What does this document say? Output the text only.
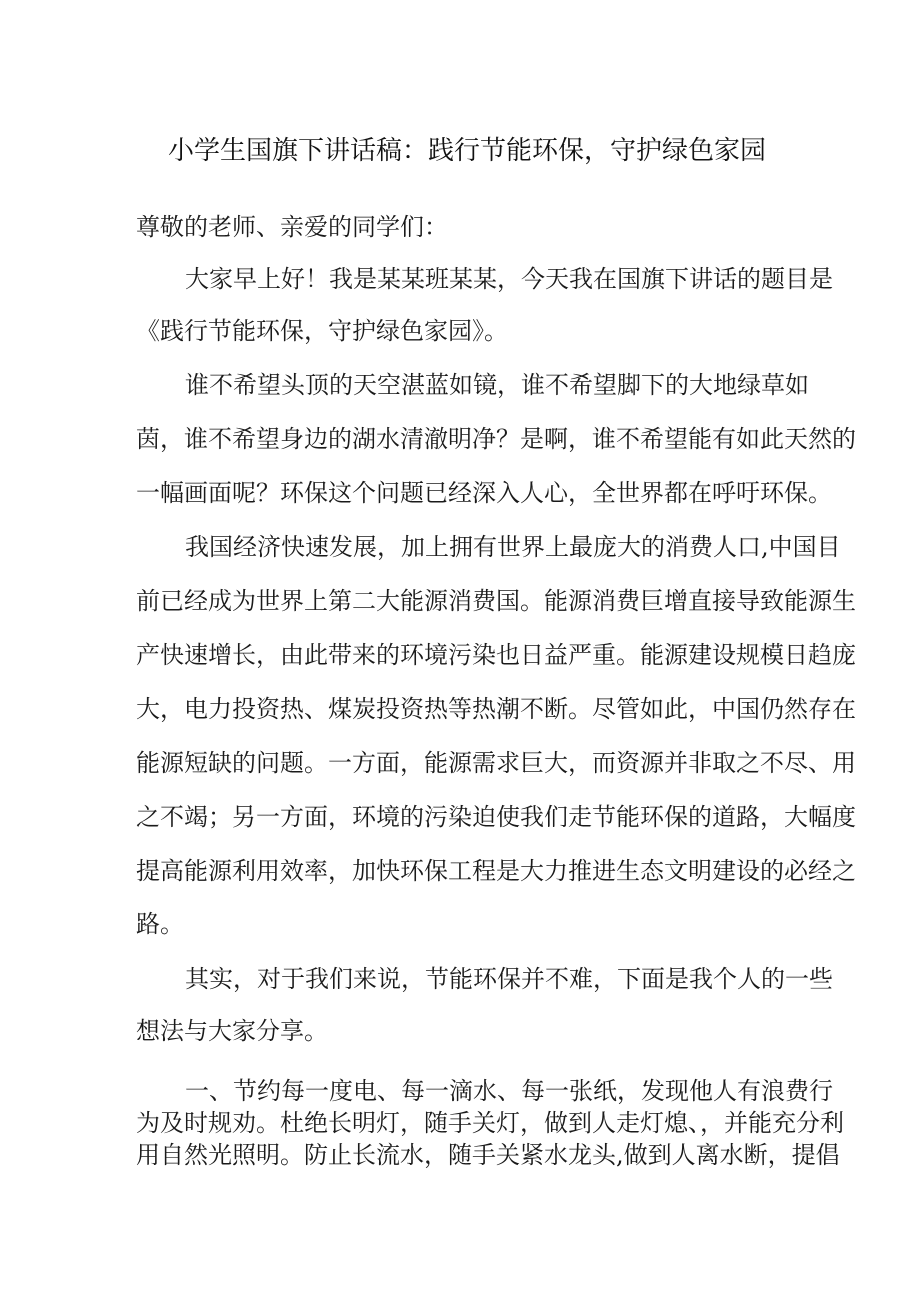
小学生国旗下讲话稿：践行节能环保，守护绿色家园
尊敬的老师、亲爱的同学们：
大家早上好！我是某某班某某，今天我在国旗下讲话的题目是
《践行节能环保，守护绿色家园》。
谁不希望头顶的天空湛蓝如镜，谁不希望脚下的大地绿草如
茵，谁不希望身边的湖水清澈明净？是啊，谁不希望能有如此天然的
一幅画面呢？环保这个问题已经深入人心，全世界都在呼吁环保。
我国经济快速发展，加上拥有世界上最庞大的消费人口,中国目
前已经成为世界上第二大能源消费国。能源消费巨增直接导致能源生
产快速增长，由此带来的环境污染也日益严重。能源建设规模日趋庞
大，电力投资热、煤炭投资热等热潮不断。尽管如此，中国仍然存在
能源短缺的问题。一方面，能源需求巨大，而资源并非取之不尽、用
之不竭；另一方面，环境的污染迫使我们走节能环保的道路，大幅度
提高能源利用效率，加快环保工程是大力推进生态文明建设的必经之
路。
其实，对于我们来说，节能环保并不难，下面是我个人的一些
想法与大家分享。
一、节约每一度电、每一滴水、每一张纸，发现他人有浪费行
为及时规劝。杜绝长明灯，随手关灯，做到人走灯熄、，并能充分利
用自然光照明。防止长流水，随手关紧水龙头,做到人离水断，提倡
